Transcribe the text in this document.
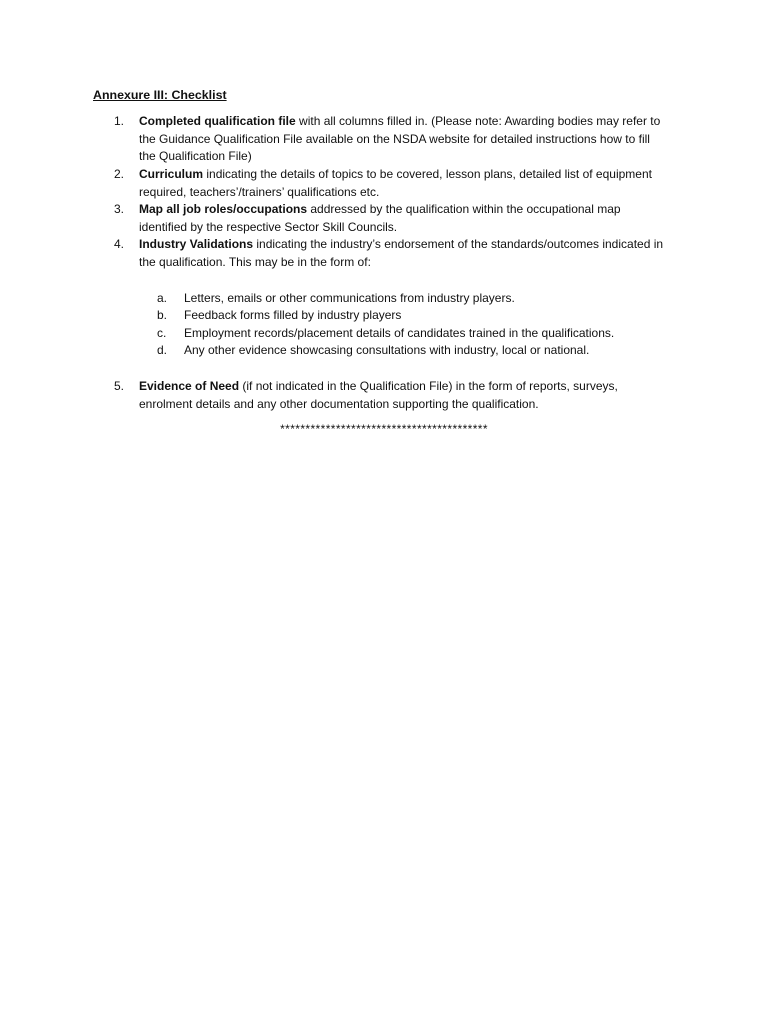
Annexure III: Checklist
1.	Completed qualification file with all columns filled in. (Please note: Awarding bodies may refer to the Guidance Qualification File available on the NSDA website for detailed instructions how to fill the Qualification File)
2.	Curriculum indicating the details of topics to be covered, lesson plans, detailed list of equipment required, teachers’/trainers’ qualifications etc.
3.	Map all job roles/occupations addressed by the qualification within the occupational map identified by the respective Sector Skill Councils.
4.	Industry Validations indicating the industry’s endorsement of the standards/outcomes indicated in the qualification. This may be in the form of:
a. Letters, emails or other communications from industry players.
b. Feedback forms filled by industry players
c. Employment records/placement details of candidates trained in the qualifications.
d. Any other evidence showcasing consultations with industry, local or national.
5.	Evidence of Need (if not indicated in the Qualification File) in the form of reports, surveys, enrolment details and any other documentation supporting the qualification.
*****************************************
